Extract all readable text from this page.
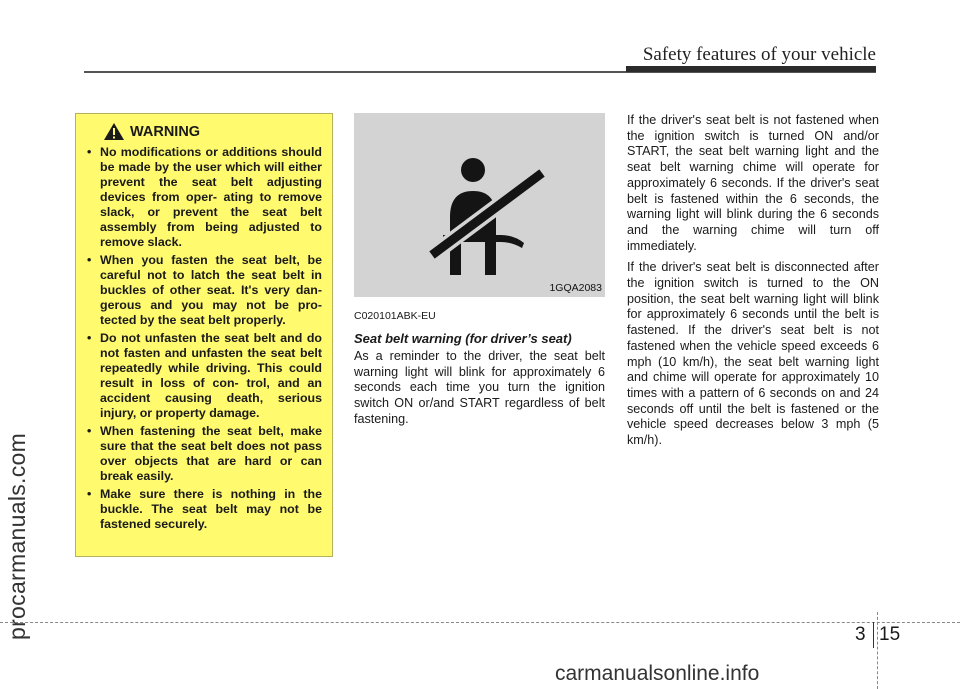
Safety features of your vehicle
procarmanuals.com
WARNING
• No modifications or additions should be made by the user which will either prevent the seat belt adjusting devices from oper- ating to remove slack, or prevent the seat belt assembly from being adjusted to remove slack.
• When you fasten the seat belt, be careful not to latch the seat belt in buckles of other seat. It's very dan- gerous and you may not be pro- tected by the seat belt properly.
• Do not unfasten the seat belt and do not fasten and unfasten the seat belt repeatedly while driving. This could result in loss of con- trol, and an accident causing death, serious injury, or property damage.
• When fastening the seat belt, make sure that the seat belt does not pass over objects that are hard or can break easily.
• Make sure there is nothing in the buckle. The seat belt may not be fastened securely.
1GQA2083
C020101ABK-EU
Seat belt warning (for driver’s seat)

As a reminder to the driver, the seat belt warning light will blink for approximately 6 seconds each time you turn the ignition switch ON or/and START regardless of belt fastening.

If the driver's seat belt is not fastened when the ignition switch is turned ON and/or START, the seat belt warning light and the seat belt warning chime will operate for approximately 6 seconds. If the driver's seat belt is fastened within the 6 seconds, the warning light will blink during the 6 seconds and the warning chime will turn off immediately.

If the driver's seat belt is disconnected after the ignition switch is turned to the ON position, the seat belt warning light will blink for approximately 6 seconds until the belt is fastened. If the driver's seat belt is not fastened when the vehicle speed exceeds 6 mph (10 km/h), the seat belt warning light and chime will operate for approximately 10 times with a pattern of 6 seconds on and 24 seconds off until the belt is fastened or the vehicle speed decreases below 3 mph (5 km/h).

3 15
carmanualsonline.info
